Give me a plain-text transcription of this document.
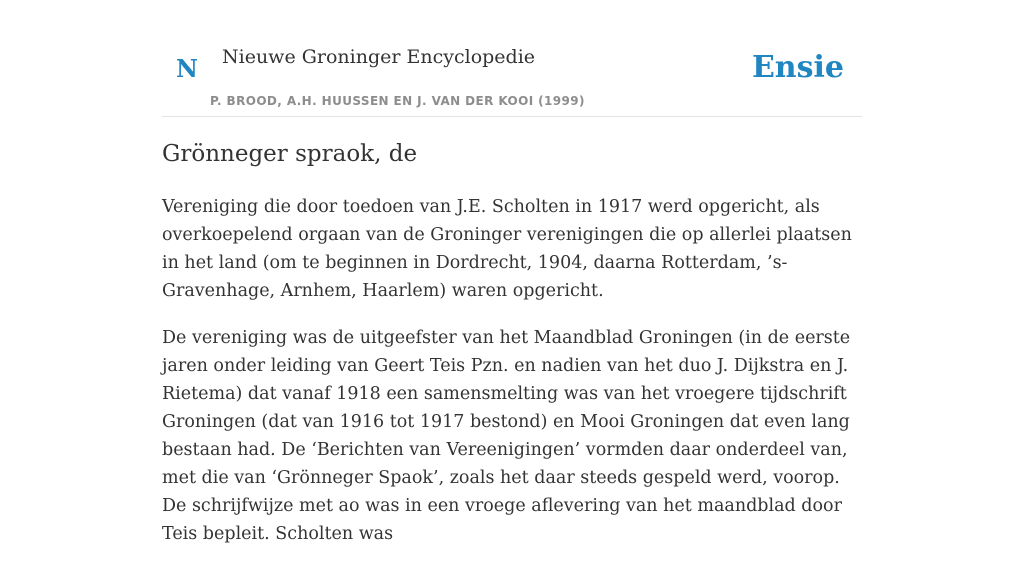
N Nieuwe Groninger Encyclopedie
P. BROOD, A.H. HUUSSEN EN J. VAN DER KOOI (1999)
Ensie
Grönneger spraok, de

Vereniging die door toedoen van J.E. Scholten in 1917 werd opgericht, als overkoepelend orgaan van de Groninger verenigingen die op allerlei plaatsen in het land (om te beginnen in Dordrecht, 1904, daarna Rotterdam, ’s-Gravenhage, Arnhem, Haarlem) waren opgericht.

De vereniging was de uitgeefster van het Maandblad Groningen (in de eerste jaren onder leiding van Geert Teis Pzn. en nadien van het duo J. Dijkstra en J. Rietema) dat vanaf 1918 een samensmelting was van het vroegere tijdschrift Groningen (dat van 1916 tot 1917 bestond) en Mooi Groningen dat even lang bestaan had. De ‘Berichten van Vereenigingen’ vormden daar onderdeel van, met die van ‘Grönneger Spaok’, zoals het daar steeds gespeld werd, voorop. De schrijfwijze met ao was in een vroege aflevering van het maandblad door Teis bepleit. Scholten was
